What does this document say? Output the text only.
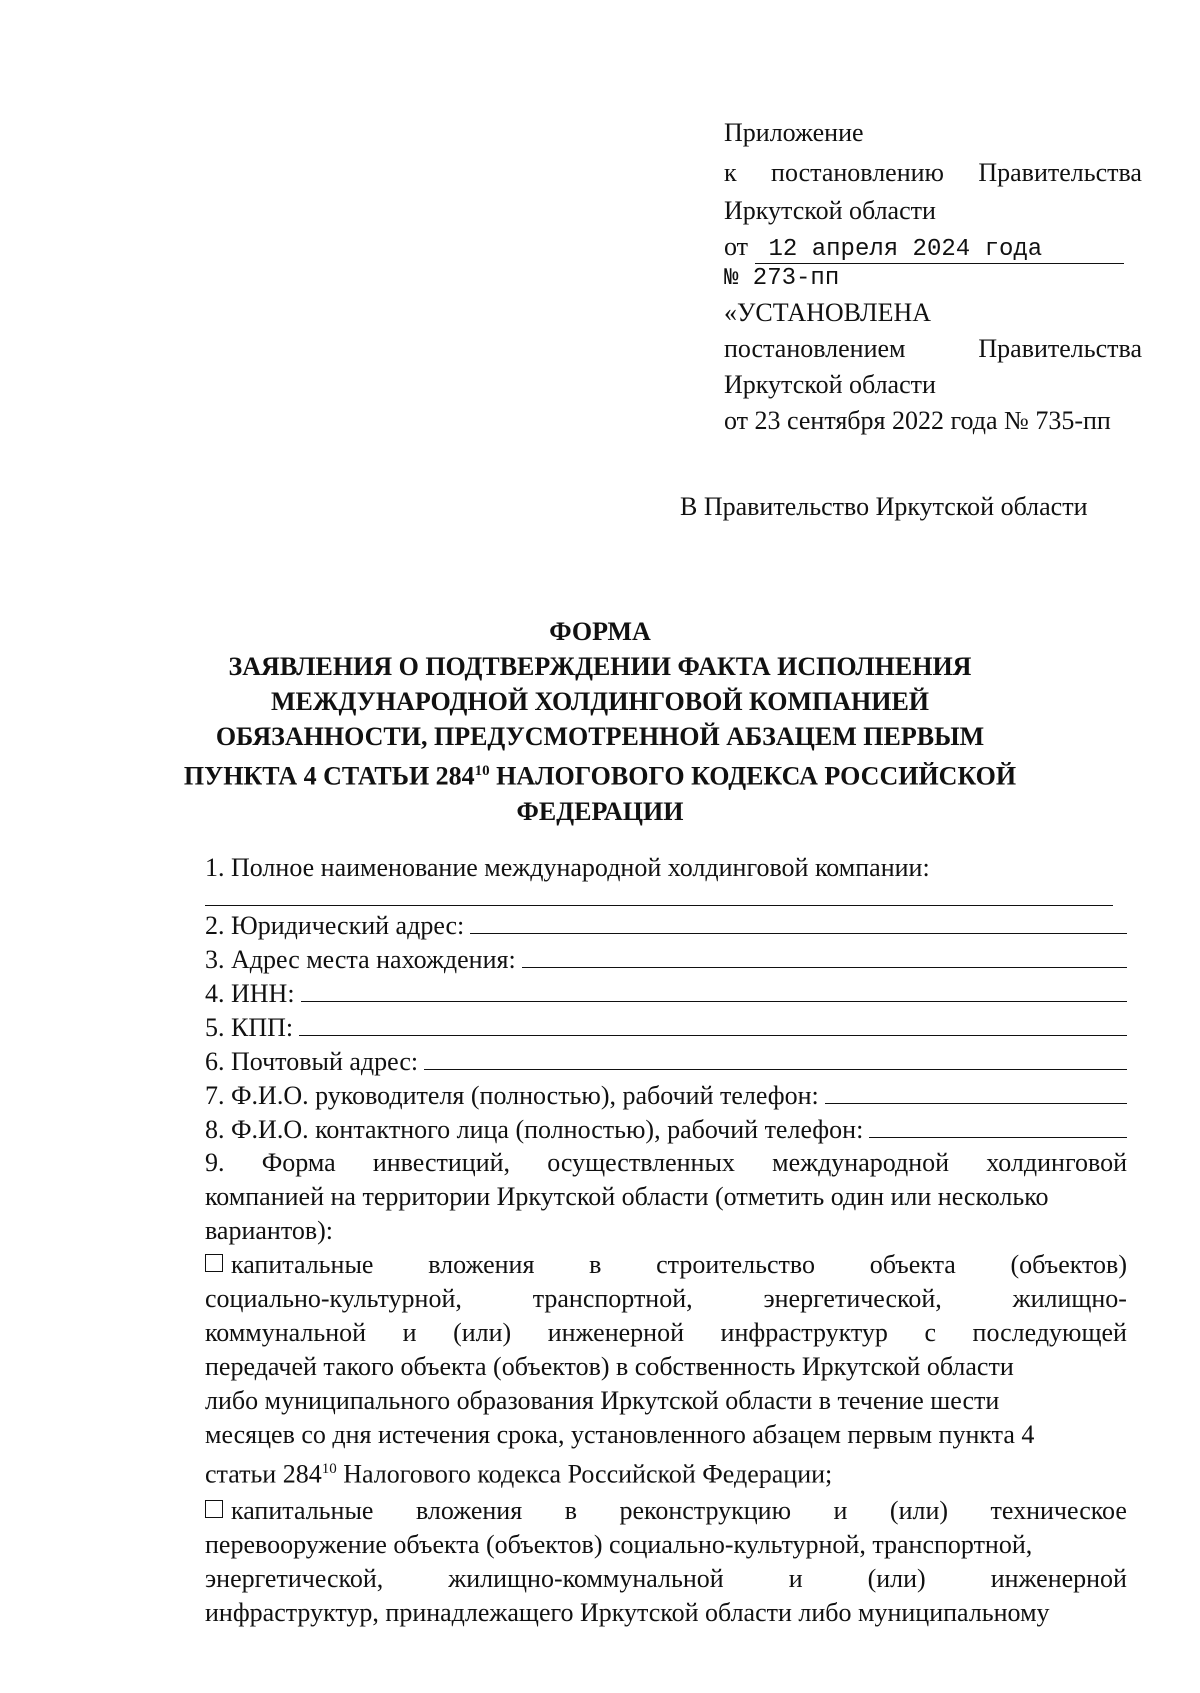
Приложение
к постановлению Правительства
Иркутской области
от 12 апреля 2024 года
№ 273-пп
«УСТАНОВЛЕНА
постановлением	Правительства
Иркутской области
от 23 сентября 2022 года № 735-пп
В Правительство Иркутской области
ФОРМА
ЗАЯВЛЕНИЯ О ПОДТВЕРЖДЕНИИ ФАКТА ИСПОЛНЕНИЯ
МЕЖДУНАРОДНОЙ ХОЛДИНГОВОЙ КОМПАНИЕЙ
ОБЯЗАННОСТИ, ПРЕДУСМОТРЕННОЙ АБЗАЦЕМ ПЕРВЫМ
ПУНКТА 4 СТАТЬИ $284^{10}$ НАЛОГОВОГО КОДЕКСА РОССИЙСКОЙ
ФЕДЕРАЦИИ
1. Полное наименование международной холдинговой компании:
2. Юридический адрес:
3. Адрес места нахождения:
4. ИНН:
5. КПП:
6. Почтовый адрес:
7. Ф.И.О. руководителя (полностью), рабочий телефон:
8. Ф.И.О. контактного лица (полностью), рабочий телефон:
9. Форма инвестиций, осуществленных международной холдинговой
компанией на территории Иркутской области (отметить один или несколько
вариантов):
капитальные вложения в строительство объекта (объектов)
социально-культурной,	транспортной,	энергетической,	жилищно-
коммунальной и (или) инженерной инфраструктур с последующей
передачей такого объекта (объектов) в собственность Иркутской области
либо муниципального образования Иркутской области в течение шести
месяцев со дня истечения срока, установленного абзацем первым пункта 4
статьи $284^{10}$ Налогового кодекса Российской Федерации;
капитальные вложения в реконструкцию и (или) техническое
перевооружение объекта (объектов) социально-культурной, транспортной,
энергетической, жилищно-коммунальной и (или) инженерной
инфраструктур, принадлежащего Иркутской области либо муниципальному
